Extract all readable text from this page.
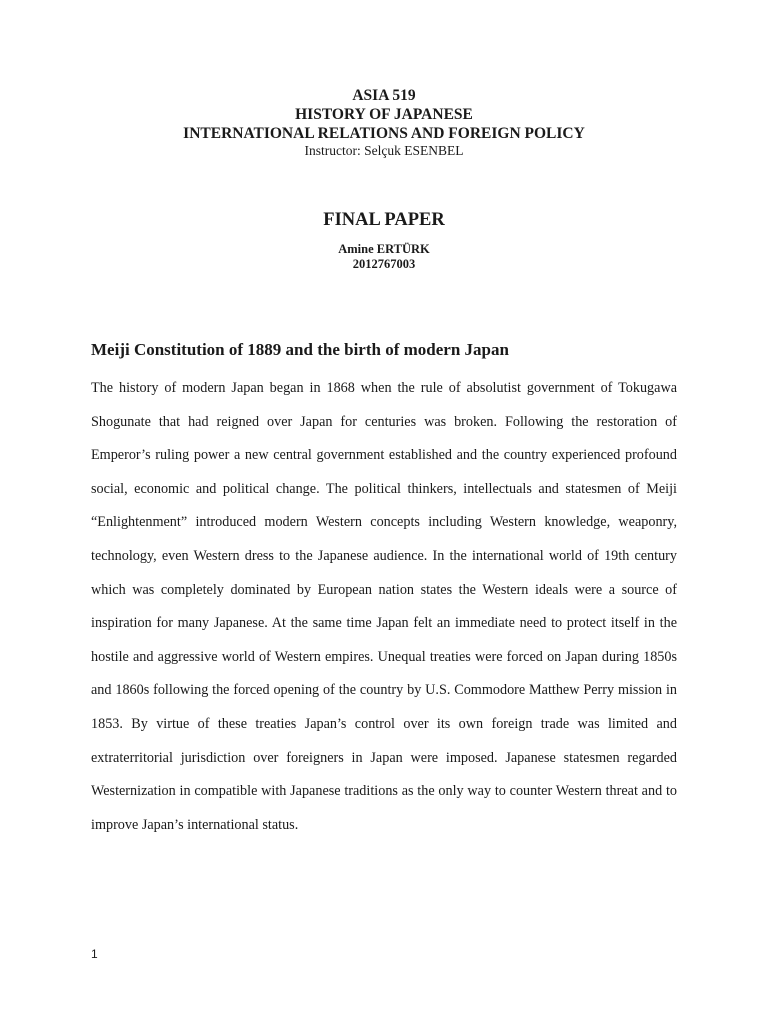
ASIA 519
HISTORY OF JAPANESE
INTERNATIONAL RELATIONS AND FOREIGN POLICY
Instructor: Selçuk ESENBEL
FINAL PAPER
Amine ERTÜRK
2012767003
Meiji Constitution of 1889 and the birth of modern Japan

The history of modern Japan began in 1868 when the rule of absolutist government of Tokugawa Shogunate that had reigned over Japan for centuries was broken. Following the restoration of Emperor’s ruling power a new central government established and the country experienced profound social, economic and political change. The political thinkers, intellectuals and statesmen of Meiji “Enlightenment” introduced modern Western concepts including Western knowledge, weaponry, technology, even Western dress to the Japanese audience. In the international world of 19th century which was completely dominated by European nation states the Western ideals were a source of inspiration for many Japanese. At the same time Japan felt an immediate need to protect itself in the hostile and aggressive world of Western empires. Unequal treaties were forced on Japan during 1850s and 1860s following the forced opening of the country by U.S. Commodore Matthew Perry mission in 1853. By virtue of these treaties Japan’s control over its own foreign trade was limited and extraterritorial jurisdiction over foreigners in Japan were imposed. Japanese statesmen regarded Westernization in compatible with Japanese traditions as the only way to counter Western threat and to improve Japan’s international status.

1
